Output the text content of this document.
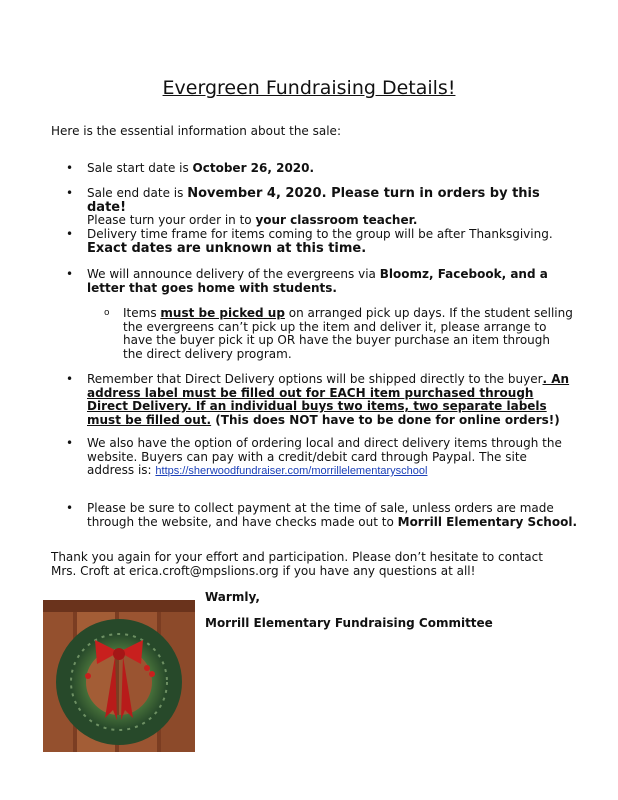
Evergreen Fundraising Details!

Here is the essential information about the sale:

• Sale start date is October 26, 2020.

• Sale end date is November 4, 2020. Please turn in orders by this date!
Please turn your order in to your classroom teacher.

• Delivery time frame for items coming to the group will be after Thanksgiving. Exact dates are unknown at this time.

• We will announce delivery of the evergreens via Bloomz, Facebook, and a letter that goes home with students.

o Items must be picked up on arranged pick up days. If the student selling the evergreens can’t pick up the item and deliver it, please arrange to have the buyer pick it up OR have the buyer purchase an item through the direct delivery program.

• Remember that Direct Delivery options will be shipped directly to the buyer. An address label must be filled out for EACH item purchased through Direct Delivery. If an individual buys two items, two separate labels must be filled out. (This does NOT have to be done for online orders!)

• We also have the option of ordering local and direct delivery items through the website. Buyers can pay with a credit/debit card through Paypal. The site address is: https://sherwoodfundraiser.com/morrillelementaryschool

• Please be sure to collect payment at the time of sale, unless orders are made through the website, and have checks made out to Morrill Elementary School.

Thank you again for your effort and participation. Please don’t hesitate to contact Mrs. Croft at erica.croft@mpslions.org if you have any questions at all!

Warmly,

Morrill Elementary Fundraising Committee
